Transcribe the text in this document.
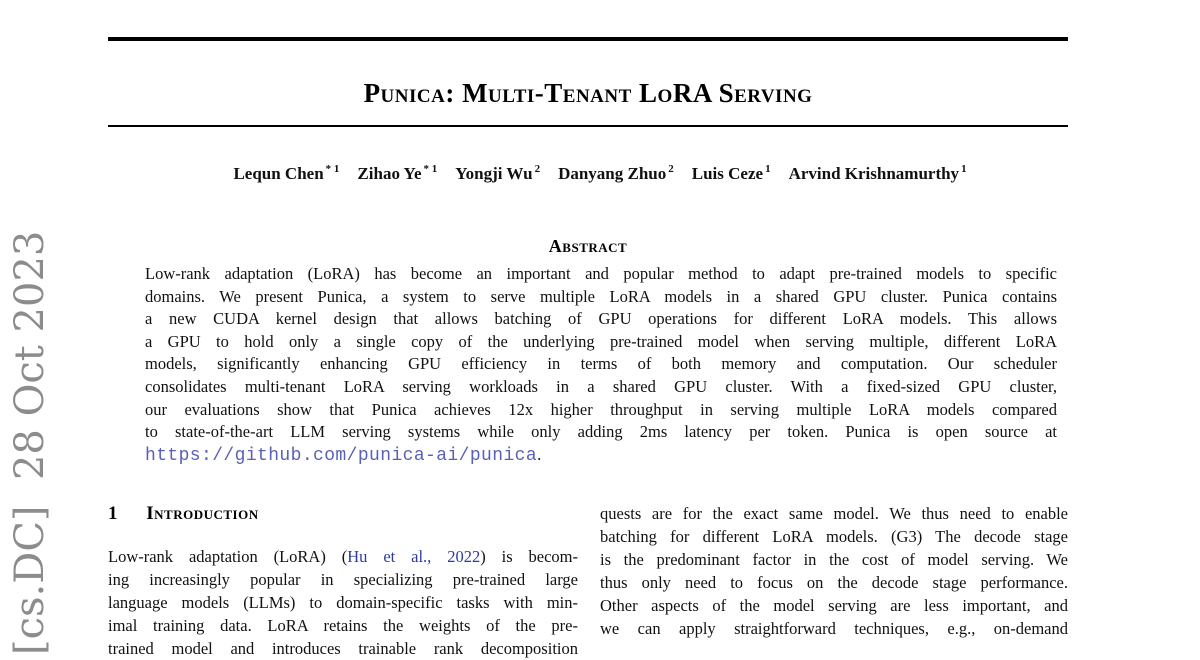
[cs.DC]  28 Oct 2023
Punica: Multi-Tenant LoRA Serving
Lequn Chen $^{* 1}$ Zihao Ye $^{* 1}$ Yongji Wu $^2$ Danyang Zhuo $^2$ Luis Ceze $^1$ Arvind Krishnamurthy $^1$
Abstract
Low-rank adaptation (LoRA) has become an important and popular method to adapt pre-trained models to specific
domains. We present Punica, a system to serve multiple LoRA models in a shared GPU cluster. Punica contains
a new CUDA kernel design that allows batching of GPU operations for different LoRA models. This allows
a GPU to hold only a single copy of the underlying pre-trained model when serving multiple, different LoRA
models, significantly enhancing GPU efficiency in terms of both memory and computation. Our scheduler
consolidates multi-tenant LoRA serving workloads in a shared GPU cluster. With a fixed-sized GPU cluster,
our evaluations show that Punica achieves 12x higher throughput in serving multiple LoRA models compared
to state-of-the-art LLM serving systems while only adding 2ms latency per token. Punica is open source at
https://github.com/punica-ai/punica.
1 Introduction
Low-rank adaptation (LoRA) (Hu et al., 2022) is becom-
ing increasingly popular in specializing pre-trained large
language models (LLMs) to domain-specific tasks with min-
imal training data. LoRA retains the weights of the pre-
trained model and introduces trainable rank decomposition
quests are for the exact same model. We thus need to enable
batching for different LoRA models. (G3) The decode stage
is the predominant factor in the cost of model serving. We
thus only need to focus on the decode stage performance.
Other aspects of the model serving are less important, and
we can apply straightforward techniques, e.g., on-demand
